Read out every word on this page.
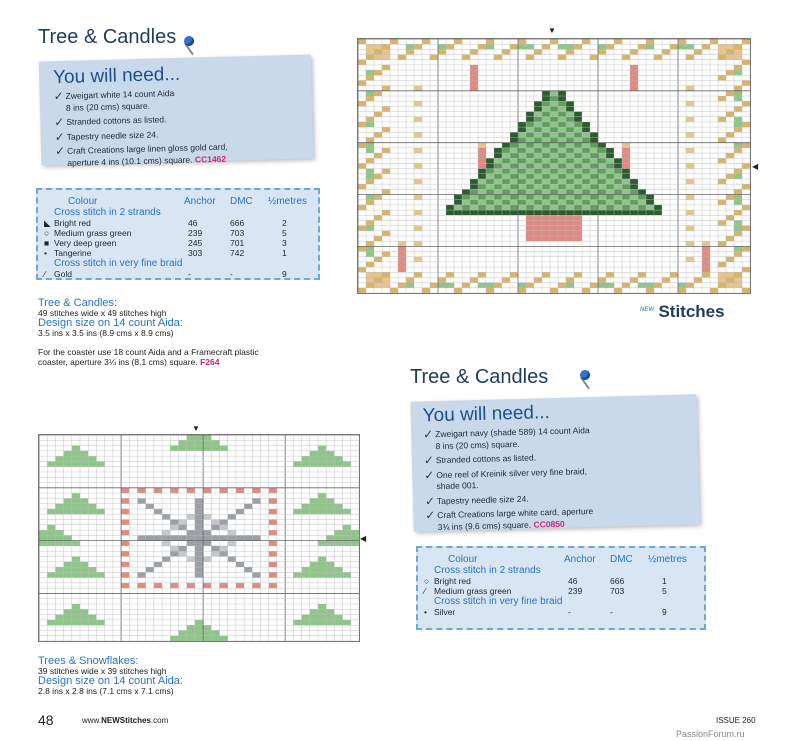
Tree & Candles
You will need...
✓ Zweigart white 14 count Aida
8 ins (20 cms) square.
✓ Stranded cottons as listed.
✓ Tapestry needle size 24.
✓ Craft Creations large linen gloss gold card,
aperture 4 ins (10.1 cms) square. CC1462
Colour	Anchor DMC ½metres
Cross stitch in 2 strands
◣ Bright red	46	666	2
○ Medium grass green	239	703	5
■ Very deep green	245	701	3
• Tangerine	303	742	1
Cross stitch in very fine braid
⁄ Gold	-	-	9
Tree & Candles:
49 stitches wide x 49 stitches high
Design size on 14 count Aida:
3.5 ins x 3.5 ins (8.9 cms x 8.9 cms)
For the coaster use 18 count Aida and a Framecraft plastic
coaster, aperture 3¼ ins (8.1 cms) square. F264
▼
◀
$^{NEW}$ Stitches
▼
◀
Trees & Snowflakes:
39 stitches wide x 39 stitches high
Design size on 14 count Aida:
2.8 ins x 2.8 ins (7.1 cms x 7.1 cms)
Tree & Candles
You will need...
✓ Zweigart navy (shade 589) 14 count Aida
8 ins (20 cms) square.
✓ Stranded cottons as listed.
✓ One reel of Kreinik silver very fine braid,
shade 001.
✓ Tapestry needle size 24.
✓ Craft Creations large white card, aperture
3¾ ins (9.6 cms) square. CC0850
Colour	Anchor DMC ½metres
Cross stitch in 2 strands
○ Bright red	46	666	1
⁄ Medium grass green	239	703	5
Cross stitch in very fine braid
• Silver	-	-	9
48	www.NEWStitches.com	ISSUE 260
PassionForum.ru
